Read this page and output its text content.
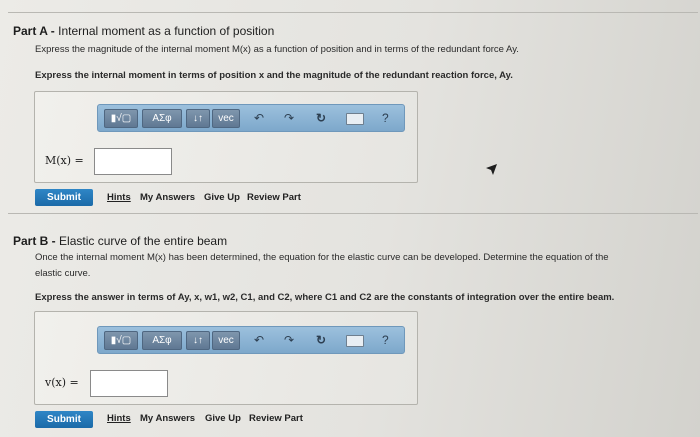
Part A - Internal moment as a function of position
Express the magnitude of the internal moment M(x) as a function of position and in terms of the redundant force Ay.
Express the internal moment in terms of position x and the magnitude of the redundant reaction force, Ay.
▮√▢	ΑΣφ	↓↑	vec	↶ ↷ ↻	?
M(x) =
Submit	Hints My Answers Give Up Review Part
Part B - Elastic curve of the entire beam
Once the internal moment M(x) has been determined, the equation for the elastic curve can be developed. Determine the equation of the
elastic curve.
Express the answer in terms of Ay, x, w1, w2, C1, and C2, where C1 and C2 are the constants of integration over the entire beam.
▮√▢	ΑΣφ	↓↑	vec	↶ ↷ ↻	?
v(x) =
Submit	Hints My Answers Give Up Review Part
